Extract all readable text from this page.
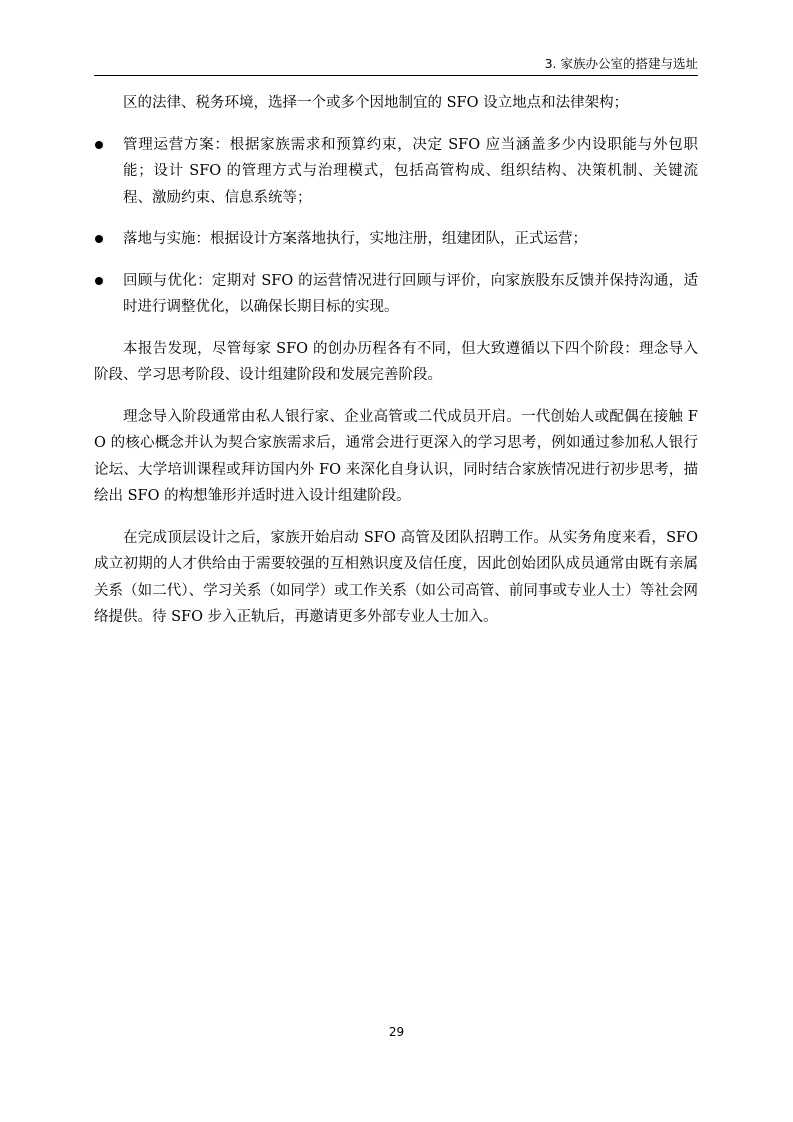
3. 家族办公室的搭建与选址

区的法律、税务环境，选择一个或多个因地制宜的 SFO 设立地点和法律架构；

管理运营方案：根据家族需求和预算约束，决定 SFO 应当涵盖多少内设职能与外包职能；设计 SFO 的管理方式与治理模式，包括高管构成、组织结构、决策机制、关键流程、激励约束、信息系统等；
落地与实施：根据设计方案落地执行，实地注册，组建团队，正式运营；
回顾与优化：定期对 SFO 的运营情况进行回顾与评价，向家族股东反馈并保持沟通，适时进行调整优化，以确保长期目标的实现。

本报告发现，尽管每家 SFO 的创办历程各有不同，但大致遵循以下四个阶段：理念导入阶段、学习思考阶段、设计组建阶段和发展完善阶段。

理念导入阶段通常由私人银行家、企业高管或二代成员开启。一代创始人或配偶在接触 FO 的核心概念并认为契合家族需求后，通常会进行更深入的学习思考，例如通过参加私人银行论坛、大学培训课程或拜访国内外 FO 来深化自身认识，同时结合家族情况进行初步思考，描绘出 SFO 的构想雏形并适时进入设计组建阶段。

在完成顶层设计之后，家族开始启动 SFO 高管及团队招聘工作。从实务角度来看，SFO 成立初期的人才供给由于需要较强的互相熟识度及信任度，因此创始团队成员通常由既有亲属关系（如二代）、学习关系（如同学）或工作关系（如公司高管、前同事或专业人士）等社会网络提供。待 SFO 步入正轨后，再邀请更多外部专业人士加入。

29
